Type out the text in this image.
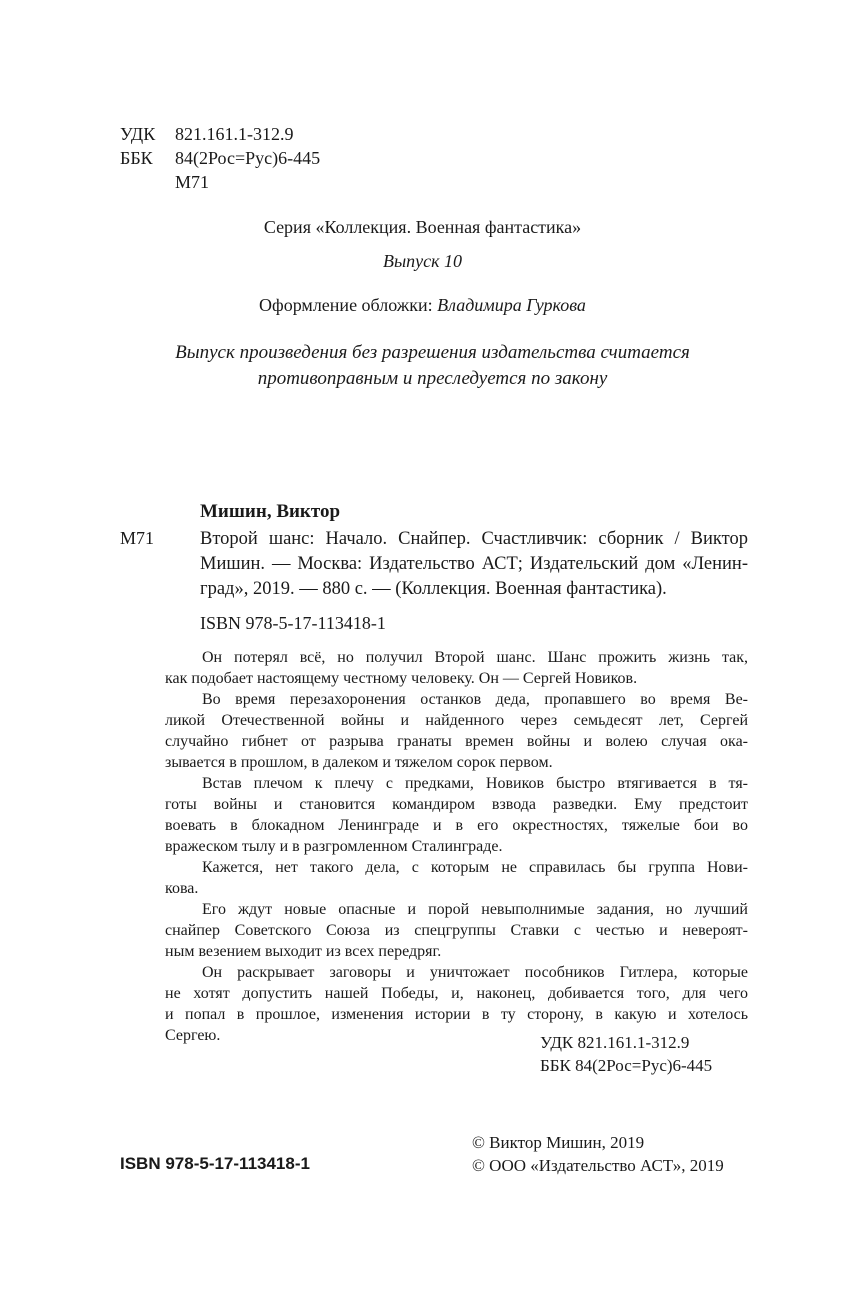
УДК	821.161.1-312.9
ББК	84(2Рос=Рус)6-445
М71
Серия «Коллекция. Военная фантастика»
Выпуск 10
Оформление обложки: Владимира Гуркова
Выпуск произведения без разрешения издательства считается
противоправным и преследуется по закону
Мишин, Виктор
М71 Второй шанс: Начало. Снайпер. Счастливчик: сборник / Виктор

Мишин. — Москва: Издательство АСТ; Издательский дом «Ленин-

град», 2019. — 880 с. — (Коллекция. Военная фантастика).

ISBN 978-5-17-113418-1
Он потерял всё, но получил Второй шанс. Шанс прожить жизнь так,
как подобает настоящему честному человеку. Он — Сергей Новиков.
Во время перезахоронения останков деда, пропавшего во время Ве-
ликой Отечественной войны и найденного через семьдесят лет, Сергей
случайно гибнет от разрыва гранаты времен войны и волею случая ока-
зывается в прошлом, в далеком и тяжелом сорок первом.
Встав плечом к плечу с предками, Новиков быстро втягивается в тя-
готы войны и становится командиром взвода разведки. Ему предстоит
воевать в блокадном Ленинграде и в его окрестностях, тяжелые бои во
вражеском тылу и в разгромленном Сталинграде.
Кажется, нет такого дела, с которым не справилась бы группа Нови-
кова.
Его ждут новые опасные и порой невыполнимые задания, но лучший
снайпер Советского Союза из спецгруппы Ставки с честью и невероят-
ным везением выходит из всех передряг.
Он раскрывает заговоры и уничтожает пособников Гитлера, которые
не хотят допустить нашей Победы, и, наконец, добивается того, для чего
и попал в прошлое, изменения истории в ту сторону, в какую и хотелось
Сергею.	УДК 821.161.1-312.9
ББК 84(2Рос=Рус)6-445
© Виктор Мишин, 2019
© ООО «Издательство АСТ», 2019
ISBN 978-5-17-113418-1
